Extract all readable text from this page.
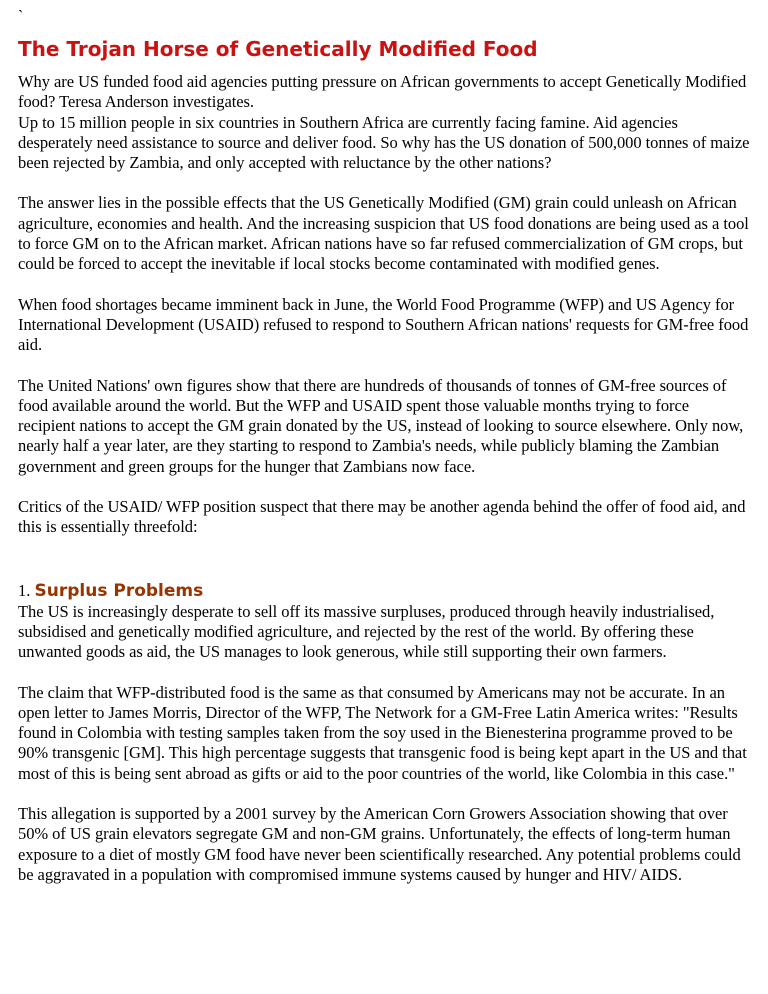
`
The Trojan Horse of Genetically Modified Food
Why are US funded food aid agencies putting pressure on African governments to accept Genetically Modified food? Teresa Anderson investigates.
Up to 15 million people in six countries in Southern Africa are currently facing famine. Aid agencies desperately need assistance to source and deliver food. So why has the US donation of 500,000 tonnes of maize been rejected by Zambia, and only accepted with reluctance by the other nations?
The answer lies in the possible effects that the US Genetically Modified (GM) grain could unleash on African agriculture, economies and health. And the increasing suspicion that US food donations are being used as a tool to force GM on to the African market. African nations have so far refused commercialization of GM crops, but could be forced to accept the inevitable if local stocks become contaminated with modified genes.
When food shortages became imminent back in June, the World Food Programme (WFP) and US Agency for International Development (USAID) refused to respond to Southern African nations' requests for GM-free food aid.
The United Nations' own figures show that there are hundreds of thousands of tonnes of GM-free sources of food available around the world. But the WFP and USAID spent those valuable months trying to force recipient nations to accept the GM grain donated by the US, instead of looking to source elsewhere. Only now, nearly half a year later, are they starting to respond to Zambia's needs, while publicly blaming the Zambian government and green groups for the hunger that Zambians now face.
Critics of the USAID/ WFP position suspect that there may be another agenda behind the offer of food aid, and this is essentially threefold:
1. Surplus Problems
The US is increasingly desperate to sell off its massive surpluses, produced through heavily industrialised, subsidised and genetically modified agriculture, and rejected by the rest of the world. By offering these unwanted goods as aid, the US manages to look generous, while still supporting their own farmers.
The claim that WFP-distributed food is the same as that consumed by Americans may not be accurate. In an open letter to James Morris, Director of the WFP, The Network for a GM-Free Latin America writes: "Results found in Colombia with testing samples taken from the soy used in the Bienesterina programme proved to be 90% transgenic [GM]. This high percentage suggests that transgenic food is being kept apart in the US and that most of this is being sent abroad as gifts or aid to the poor countries of the world, like Colombia in this case."
This allegation is supported by a 2001 survey by the American Corn Growers Association showing that over 50% of US grain elevators segregate GM and non-GM grains. Unfortunately, the effects of long-term human exposure to a diet of mostly GM food have never been scientifically researched. Any potential problems could be aggravated in a population with compromised immune systems caused by hunger and HIV/ AIDS.
